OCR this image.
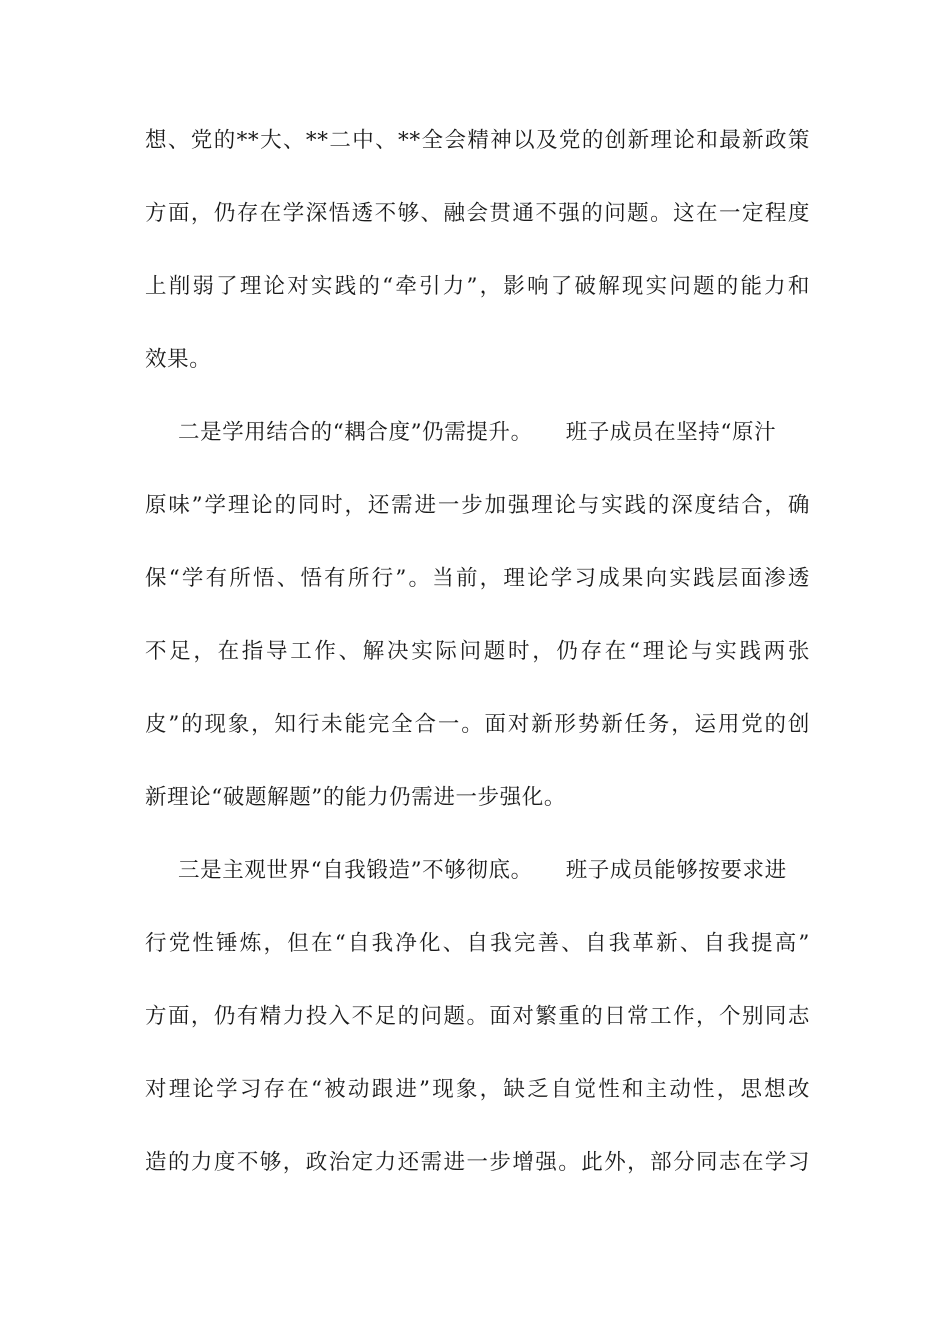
想、党的**大、**二中、**全会精神以及党的创新理论和最新政策
方面，仍存在学深悟透不够、融会贯通不强的问题。这在一定程度
上削弱了理论对实践的“牵引力”，影响了破解现实问题的能力和
效果。
二是学用结合的“耦合度”仍需提升。 班子成员在坚持“原汁
原味”学理论的同时，还需进一步加强理论与实践的深度结合，确
保“学有所悟、悟有所行”。当前，理论学习成果向实践层面渗透
不足，在指导工作、解决实际问题时，仍存在“理论与实践两张
皮”的现象，知行未能完全合一。面对新形势新任务，运用党的创
新理论“破题解题”的能力仍需进一步强化。
三是主观世界“自我锻造”不够彻底。 班子成员能够按要求进
行党性锤炼，但在“自我净化、自我完善、自我革新、自我提高”
方面，仍有精力投入不足的问题。面对繁重的日常工作，个别同志
对理论学习存在“被动跟进”现象，缺乏自觉性和主动性，思想改
造的力度不够，政治定力还需进一步增强。此外，部分同志在学习
